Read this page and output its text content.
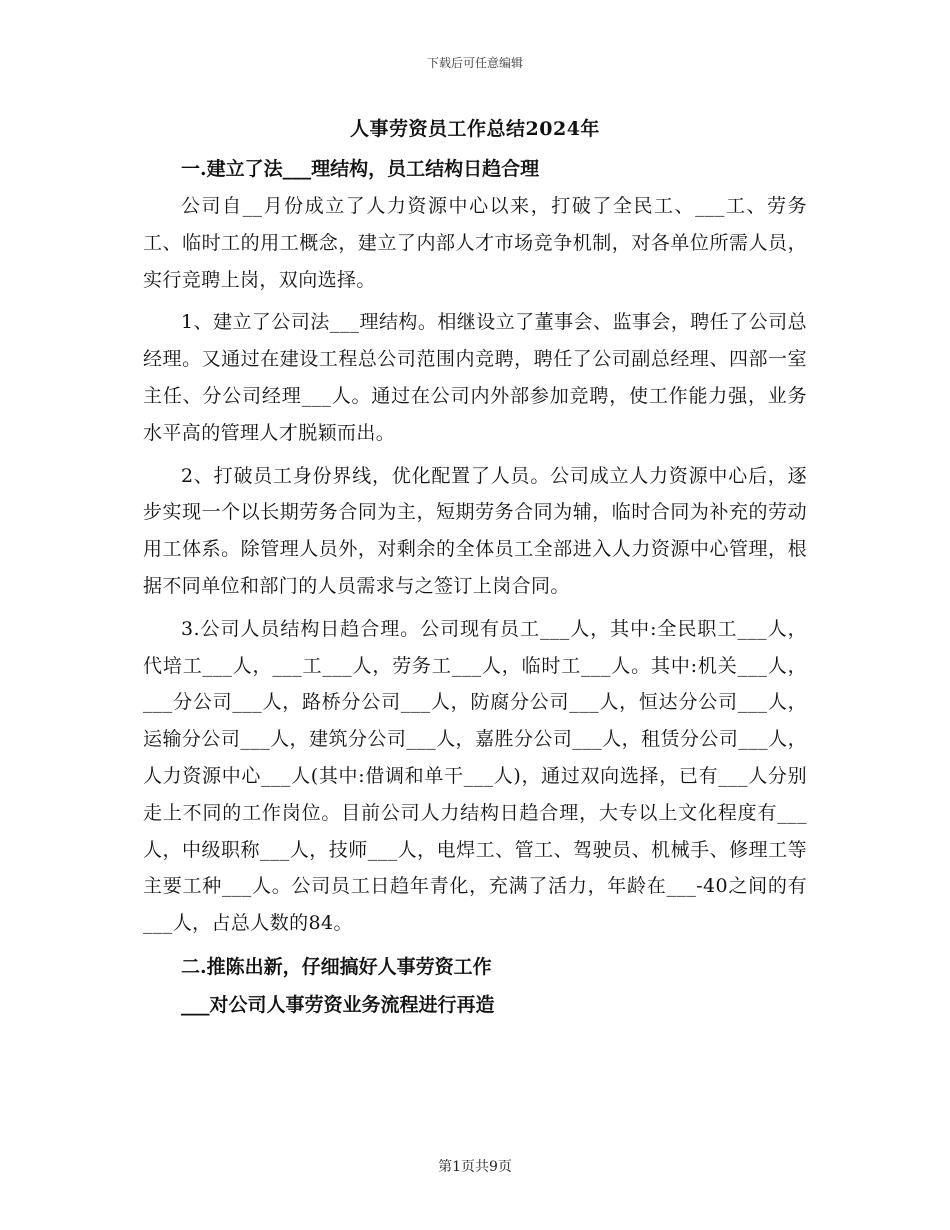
下载后可任意编辑
人事劳资员工作总结2024年
一.建立了法___理结构，员工结构日趋合理

公司自__月份成立了人力资源中心以来，打破了全民工、___工、劳务工、临时工的用工概念，建立了内部人才市场竞争机制，对各单位所需人员，实行竞聘上岗，双向选择。

1、建立了公司法___理结构。相继设立了董事会、监事会，聘任了公司总经理。又通过在建设工程总公司范围内竞聘，聘任了公司副总经理、四部一室主任、分公司经理___人。通过在公司内外部参加竞聘，使工作能力强，业务水平高的管理人才脱颖而出。

2、打破员工身份界线，优化配置了人员。公司成立人力资源中心后，逐步实现一个以长期劳务合同为主，短期劳务合同为辅，临时合同为补充的劳动用工体系。除管理人员外，对剩余的全体员工全部进入人力资源中心管理，根据不同单位和部门的人员需求与之签订上岗合同。

3.公司人员结构日趋合理。公司现有员工___人，其中:全民职工___人，代培工___人，___工___人，劳务工___人，临时工___人。其中:机关___人，___分公司___人，路桥分公司___人，防腐分公司___人，恒达分公司___人，运输分公司___人，建筑分公司___人，嘉胜分公司___人，租赁分公司___人，人力资源中心___人(其中:借调和单干___人)，通过双向选择，已有___人分别走上不同的工作岗位。目前公司人力结构日趋合理，大专以上文化程度有___人，中级职称___人，技师___人，电焊工、管工、驾驶员、机械手、修理工等主要工种___人。公司员工日趋年青化，充满了活力，年龄在___-40之间的有___人，占总人数的84。

二.推陈出新，仔细搞好人事劳资工作
___对公司人事劳资业务流程进行再造
第1页共9页
